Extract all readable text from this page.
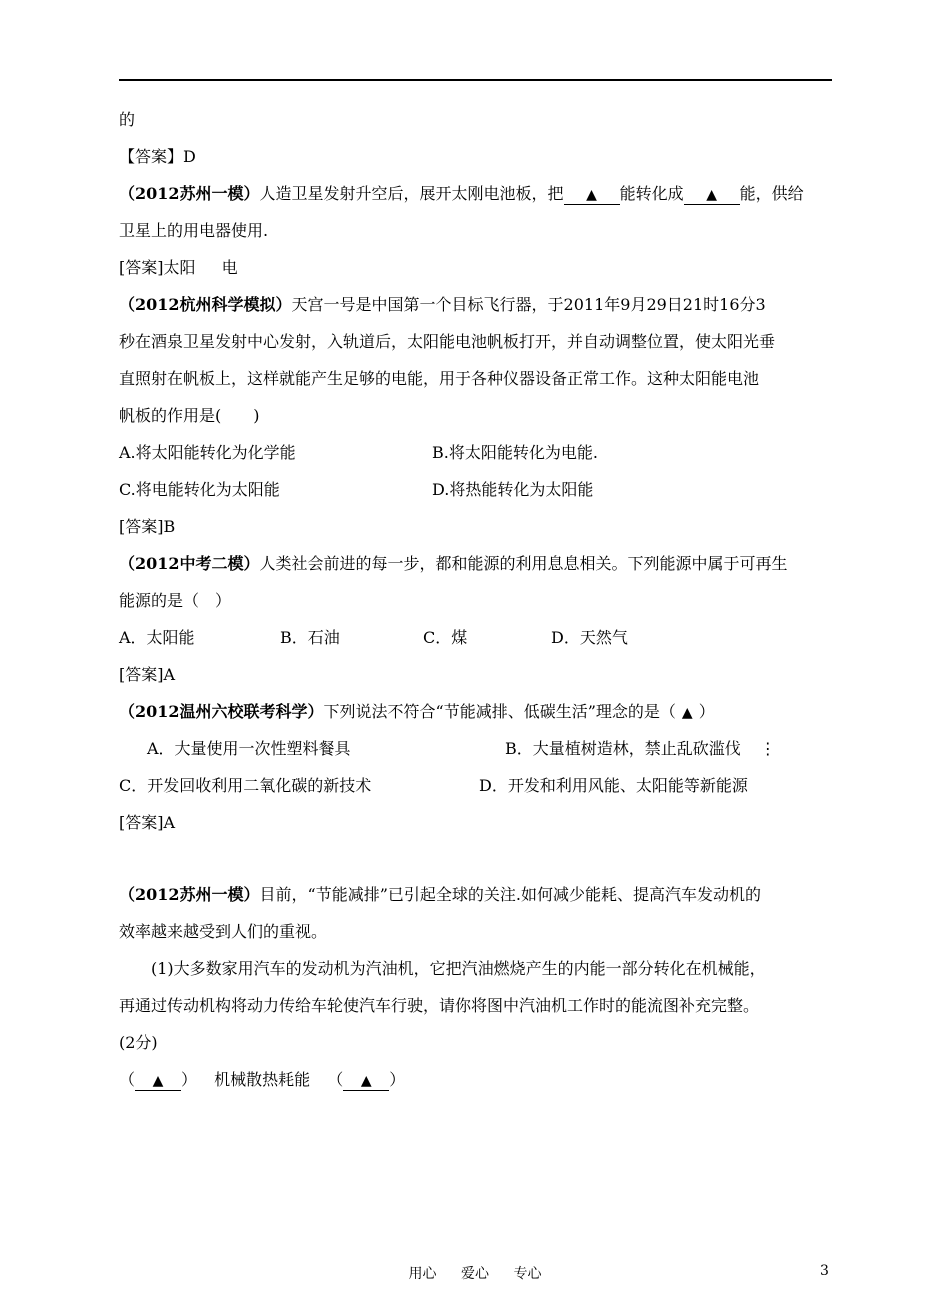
的
【答案】D
（2012苏州一模）人造卫星发射升空后，展开太刚电池板，把 ▲ 能转化成 ▲ 能，供给
卫星上的用电器使用.
[答案]太阳 　 电
（2012杭州科学模拟）天宫一号是中国第一个目标飞行器，于2011年9月29日21时16分3
秒在酒泉卫星发射中心发射，入轨道后，太阳能电池帆板打开，并自动调整位置，使太阳光垂
直照射在帆板上，这样就能产生足够的电能，用于各种仪器设备正常工作。这种太阳能电池
帆板的作用是(　　)
A.将太阳能转化为化学能	B.将太阳能转化为电能.
C.将电能转化为太阳能	D.将热能转化为太阳能
[答案]B
（2012中考二模）人类社会前进的每一步，都和能源的利用息息相关。下列能源中属于可再生
能源的是（　）
A．太阳能	B．石油	C．煤	D．天然气
[答案]A
（2012温州六校联考科学）下列说法不符合“节能减排、低碳生活”理念的是（ ▲ ）
A．大量使用一次性塑料餐具	B．大量植树造林，禁止乱砍滥伐 ⋮
C．开发回收利用二氧化碳的新技术	D．开发和利用风能、太阳能等新能源
[答案]A
（2012苏州一模）目前，“节能减排”已引起全球的关注.如何减少能耗、提高汽车发动机的
效率越来越受到人们的重视。
(1)大多数家用汽车的发动机为汽油机，它把汽油燃烧产生的内能一部分转化在机械能，
再通过传动机构将动力传给车轮使汽车行驶，请你将图中汽油机工作时的能流图补充完整。
(2分)
（ ▲ ） 机械散热耗能 （ ▲ ）
用心 爱心 专心	3
